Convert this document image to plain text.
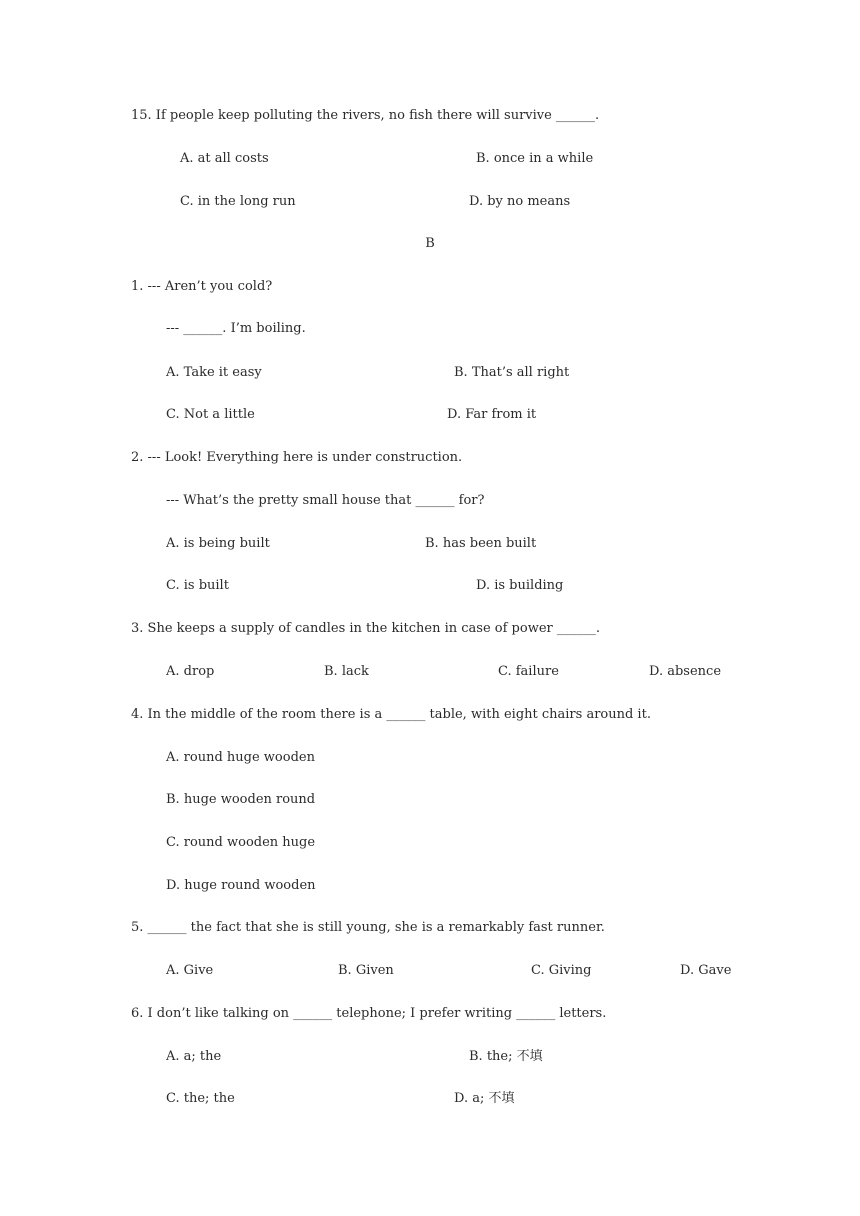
15. If people keep polluting the rivers, no fish there will survive ______.
A. at all costs	B. once in a while
C. in the long run	D. by no means
B
1. --- Aren’t you cold?
--- ______. I’m boiling.
A. Take it easy	B. That’s all right
C. Not a little	D. Far from it
2. --- Look! Everything here is under construction.
--- What’s the pretty small house that ______ for?
A. is being built	B. has been built
C. is built	D. is building
3. She keeps a supply of candles in the kitchen in case of power ______.
A. drop	B. lack	C. failure	D. absence
4. In the middle of the room there is a ______ table, with eight chairs around it.
A. round huge wooden
B. huge wooden round
C. round wooden huge
D. huge round wooden
5. ______ the fact that she is still young, she is a remarkably fast runner.
A. Give	B. Given	C. Giving	D. Gave
6. I don’t like talking on ______ telephone; I prefer writing ______ letters.
A. a; the	B. the; 不填
C. the; the	D. a; 不填
